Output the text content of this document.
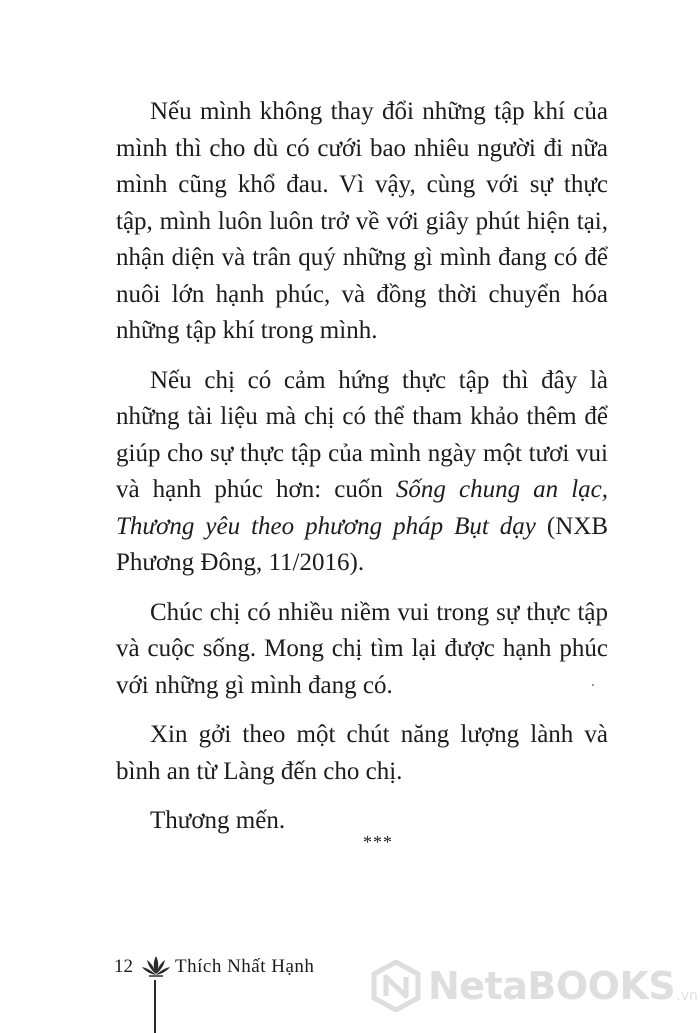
Nếu mình không thay đổi những tập khí của mình thì cho dù có cưới bao nhiêu người đi nữa mình cũng khổ đau. Vì vậy, cùng với sự thực tập, mình luôn luôn trở về với giây phút hiện tại, nhận diện và trân quý những gì mình đang có để nuôi lớn hạnh phúc, và đồng thời chuyển hóa những tập khí trong mình.

Nếu chị có cảm hứng thực tập thì đây là những tài liệu mà chị có thể tham khảo thêm để giúp cho sự thực tập của mình ngày một tươi vui và hạnh phúc hơn: cuốn Sống chung an lạc, Thương yêu theo phương pháp Bụt dạy (NXB Phương Đông, 11/2016).

Chúc chị có nhiều niềm vui trong sự thực tập và cuộc sống. Mong chị tìm lại được hạnh phúc với những gì mình đang có.

Xin gởi theo một chút năng lượng lành và bình an từ Làng đến cho chị.

Thương mến.

***
12 Thích Nhất Hạnh	NetaBOOKS .vn
